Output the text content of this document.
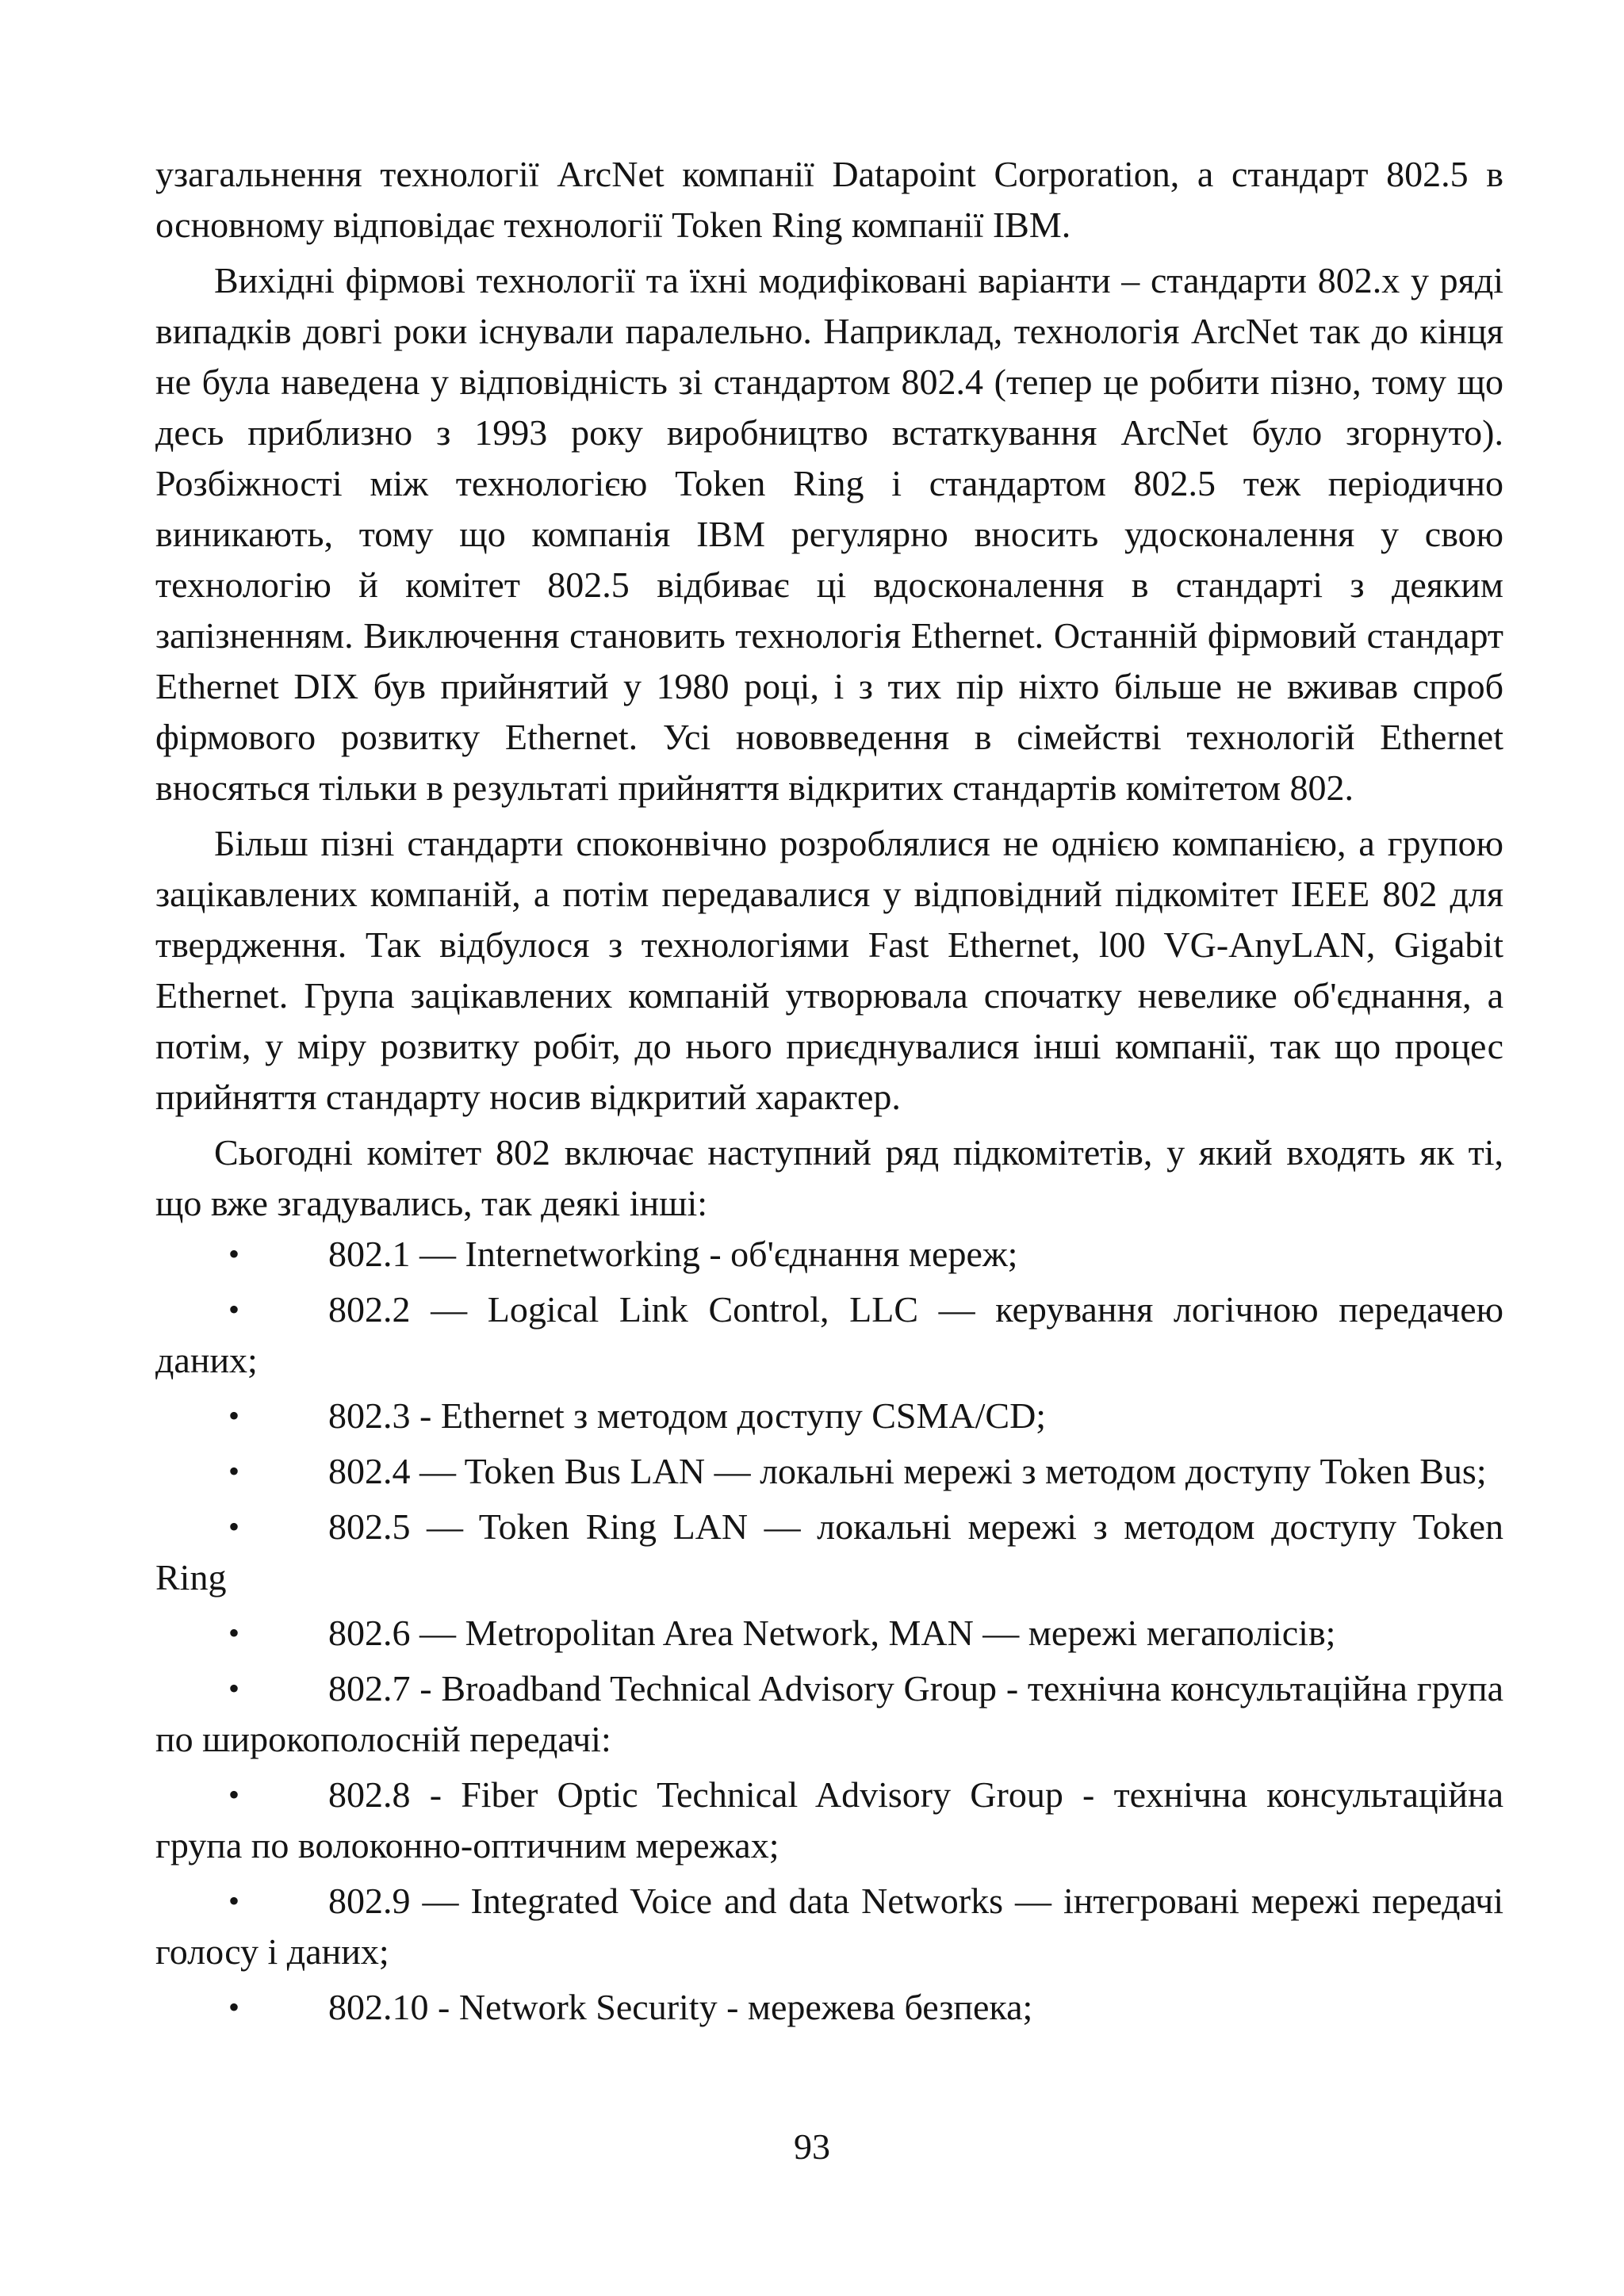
узагальнення технології ArcNet компанії Datapoint Corporation, а стандарт 802.5 в основному відповідає технології Token Ring компанії IBM.

Вихідні фірмові технології та їхні модифіковані варіанти – стандарти 802.x у ряді випадків довгі роки існували паралельно. Наприклад, технологія ArcNet так до кінця не була наведена у відповідність зі стандартом 802.4 (тепер це робити пізно, тому що десь приблизно з 1993 року виробництво встаткування ArcNet було згорнуто). Розбіжності між технологією Token Ring і стандартом 802.5 теж періодично виникають, тому що компанія IBM регулярно вносить удосконалення у свою технологію й комітет 802.5 відбиває ці вдосконалення в стандарті з деяким запізненням. Виключення становить технологія Ethernet. Останній фірмовий стандарт Ethernet DIX був прийнятий у 1980 році, і з тих пір ніхто більше не вживав спроб фірмового розвитку Ethernet. Усі нововведення в сімействі технологій Ethernet вносяться тільки в результаті прийняття відкритих стандартів комітетом 802.

Більш пізні стандарти споконвічно розроблялися не однією компанією, а групою зацікавлених компаній, а потім передавалися у відповідний підкомітет IEEE 802 для твердження. Так відбулося з технологіями Fast Ethernet, l00 VG-AnyLAN, Gigabit Ethernet. Група зацікавлених компаній утворювала спочатку невелике об'єднання, а потім, у міру розвитку робіт, до нього приєднувалися інші компанії, так що процес прийняття стандарту носив відкритий характер.

Сьогодні комітет 802 включає наступний ряд підкомітетів, у який входять як ті, що вже згадувались, так деякі інші:

• 802.1 — Internetworking - об'єднання мереж;
• 802.2 — Logical Link Control, LLC — керування логічною передачею даних;
• 802.3 - Ethernet з методом доступу CSMA/CD;
• 802.4 — Token Bus LAN — локальні мережі з методом доступу Token Bus;
• 802.5 — Token Ring LAN — локальні мережі з методом доступу Token Ring
• 802.6 — Metropolitan Area Network, MAN — мережі мегаполісів;
• 802.7 - Broadband Technical Advisory Group - технічна консультаційна група по широкополосній передачі:
• 802.8 - Fiber Optic Technical Advisory Group - технічна консультаційна група по волоконно-оптичним мережах;
• 802.9 — Integrated Voice and data Networks — інтегровані мережі передачі голосу і даних;
• 802.10 - Network Security - мережева безпека;
93
